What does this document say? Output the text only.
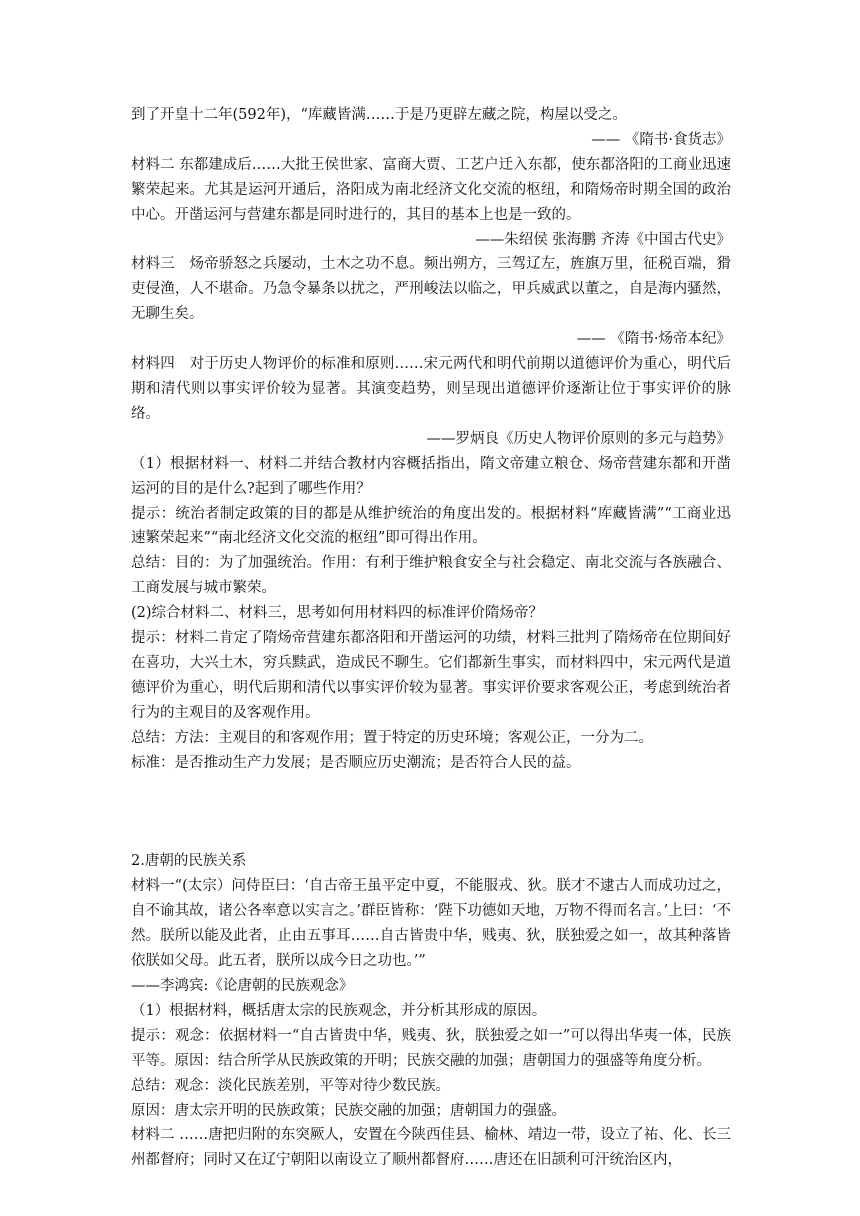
到了开皇十二年(592年)，“库藏皆满……于是乃更辟左藏之院，构屋以受之。

—— 《隋书·食货志》

材料二 东都建成后……大批王侯世家、富商大贾、工艺户迁入东都，使东都洛阳的工商业迅速繁荣起来。尤其是运河开通后，洛阳成为南北经济文化交流的枢纽，和隋炀帝时期全国的政治中心。开凿运河与营建东都是同时进行的，其目的基本上也是一致的。

——朱绍侯 张海鹏 齐涛《中国古代史》

材料三　炀帝骄怒之兵屡动，土木之功不息。频出朔方，三驾辽左，旌旗万里，征税百端，猾吏侵渔，人不堪命。乃急令暴条以扰之，严刑峻法以临之，甲兵威武以董之，自是海内骚然，无聊生矣。

—— 《隋书·炀帝本纪》

材料四　对于历史人物评价的标准和原则……宋元两代和明代前期以道德评价为重心，明代后期和清代则以事实评价较为显著。其演变趋势，则呈现出道德评价逐渐让位于事实评价的脉络。

——罗炳良《历史人物评价原则的多元与趋势》

（1）根据材料一、材料二并结合教材内容概括指出，隋文帝建立粮仓、炀帝营建东都和开凿运河的目的是什么?起到了哪些作用？

提示：统治者制定政策的目的都是从维护统治的角度出发的。根据材料“库藏皆满”“工商业迅速繁荣起来”“南北经济文化交流的枢纽”即可得出作用。

总结：目的：为了加强统治。作用：有利于维护粮食安全与社会稳定、南北交流与各族融合、工商发展与城市繁荣。

(2)综合材料二、材料三，思考如何用材料四的标准评价隋炀帝？

提示：材料二肯定了隋炀帝营建东都洛阳和开凿运河的功绩，材料三批判了隋炀帝在位期间好在喜功，大兴土木，穷兵黩武，造成民不聊生。它们都新生事实，而材料四中，宋元两代是道德评价为重心，明代后期和清代以事实评价较为显著。事实评价要求客观公正，考虑到统治者行为的主观目的及客观作用。

总结：方法：主观目的和客观作用；置于特定的历史环境；客观公正，一分为二。

标准：是否推动生产力发展；是否顺应历史潮流；是否符合人民的益。

2.唐朝的民族关系

材料一“(太宗）问侍臣曰：‘自古帝王虽平定中夏，不能服戎、狄。朕才不逮古人而成功过之，自不谕其故，诸公各率意以实言之。’群臣皆称：‘陛下功德如天地，万物不得而名言。’上曰：‘不然。朕所以能及此者，止由五事耳……自古皆贵中华，贱夷、狄，朕独爱之如一，故其种落皆依朕如父母。此五者，朕所以成今日之功也。’”

——李鸿宾:《论唐朝的民族观念》

（1）根据材料，概括唐太宗的民族观念，并分析其形成的原因。

提示：观念：依据材料一“自古皆贵中华，贱夷、狄，朕独爱之如一”可以得出华夷一体，民族平等。原因：结合所学从民族政策的开明；民族交融的加强；唐朝国力的强盛等角度分析。

总结：观念：淡化民族差别，平等对待少数民族。

原因：唐太宗开明的民族政策；民族交融的加强；唐朝国力的强盛。

材料二 ……唐把归附的东突厥人，安置在今陕西佳县、榆林、靖边一带，设立了祐、化、长三州都督府；同时又在辽宁朝阳以南设立了顺州都督府……唐还在旧颉利可汗统治区内，
